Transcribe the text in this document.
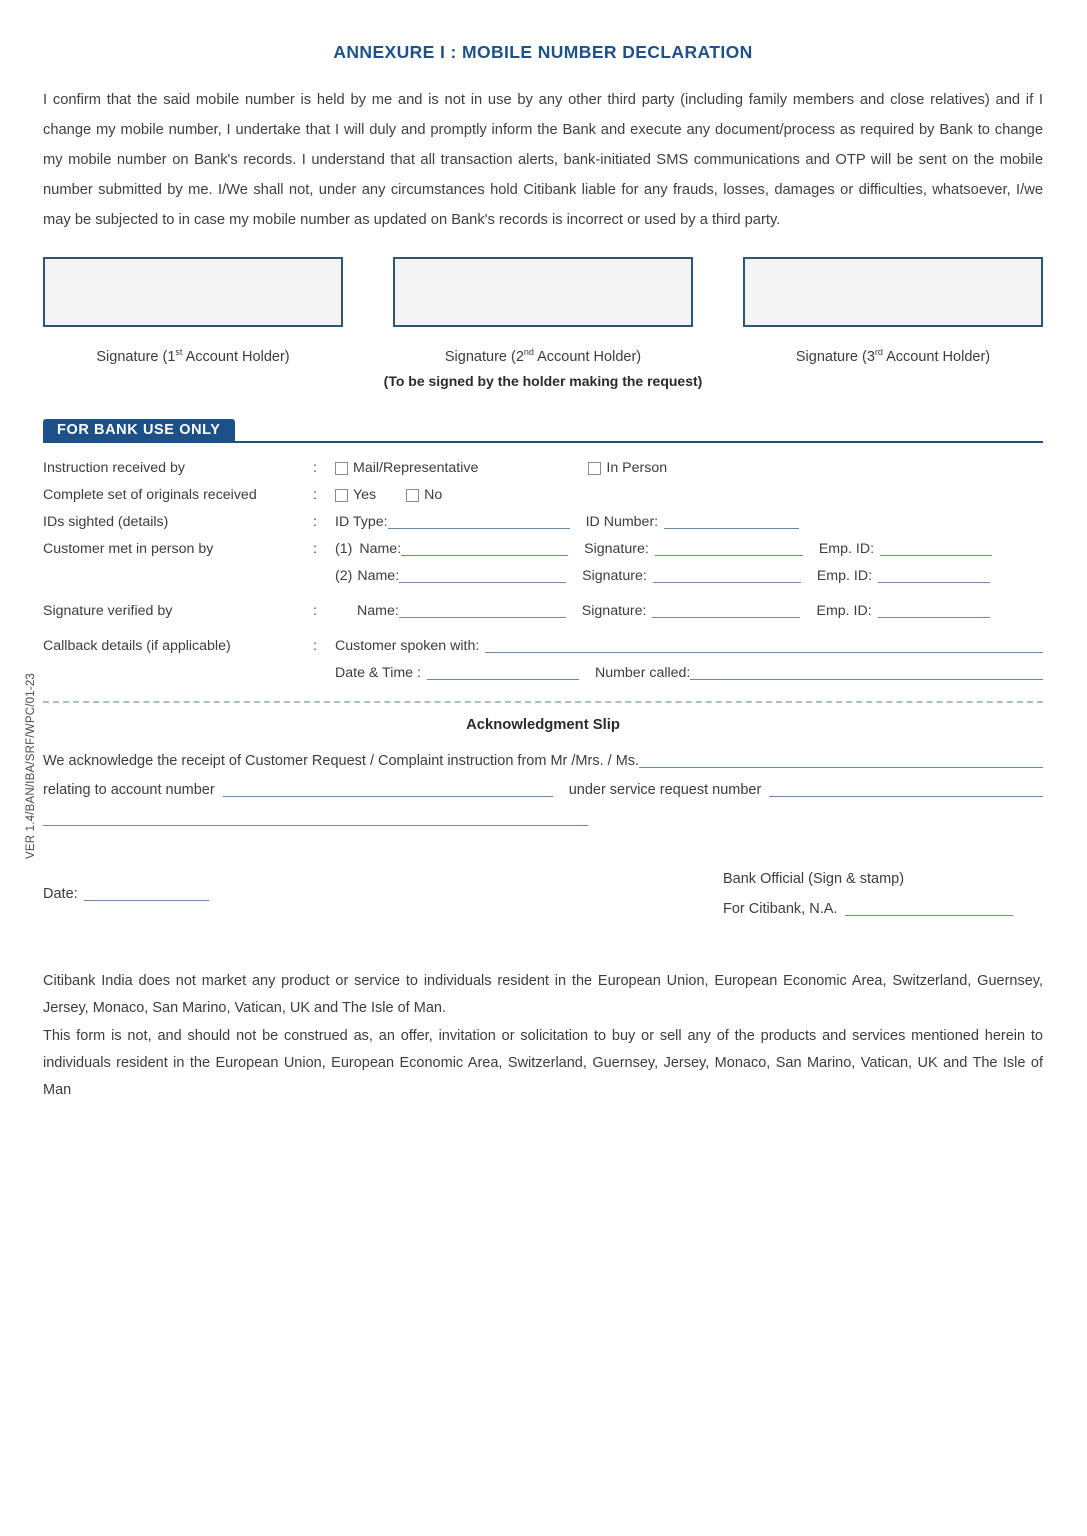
VER 1.4/BAN/IBA/SRF/WPC/01-23
ANNEXURE I : MOBILE NUMBER DECLARATION
I confirm that the said mobile number is held by me and is not in use by any other third party (including family members and close relatives) and if I change my mobile number, I undertake that I will duly and promptly inform the Bank and execute any document/process as required by Bank to change my mobile number on Bank's records. I understand that all transaction alerts, bank-initiated SMS communications and OTP will be sent on the mobile number submitted by me. I/We shall not, under any circumstances hold Citibank liable for any frauds, losses, damages or difficulties, whatsoever, I/we may be subjected to in case my mobile number as updated on Bank's records is incorrect or used by a third party.
Signature (1st Account Holder)	Signature (2nd Account Holder)	Signature (3rd Account Holder)
(To be signed by the holder making the request)
FOR BANK USE ONLY
Instruction received by	:	Mail/Representative	In Person
Complete set of originals received	:	Yes	No
IDs sighted (details)	:	ID Type:	ID Number:
Customer met in person by	:	(1) Name:	Signature:	Emp. ID:
(2) Name:	Signature:	Emp. ID:
Signature verified by	:	Name:	Signature:	Emp. ID:
Callback details (if applicable)	:	Customer spoken with:
Date & Time :	Number called:
Acknowledgment Slip
We acknowledge the receipt of Customer Request / Complaint instruction from Mr /Mrs. / Ms.
relating to account number	under service request number
Date:
Bank Official (Sign & stamp)
For Citibank, N.A.

Citibank India does not market any product or service to individuals resident in the European Union, European Economic Area, Switzerland, Guernsey, Jersey, Monaco, San Marino, Vatican, UK and The Isle of Man.

This form is not, and should not be construed as, an offer, invitation or solicitation to buy or sell any of the products and services mentioned herein to individuals resident in the European Union, European Economic Area, Switzerland, Guernsey, Jersey, Monaco, San Marino, Vatican, UK and The Isle of Man
